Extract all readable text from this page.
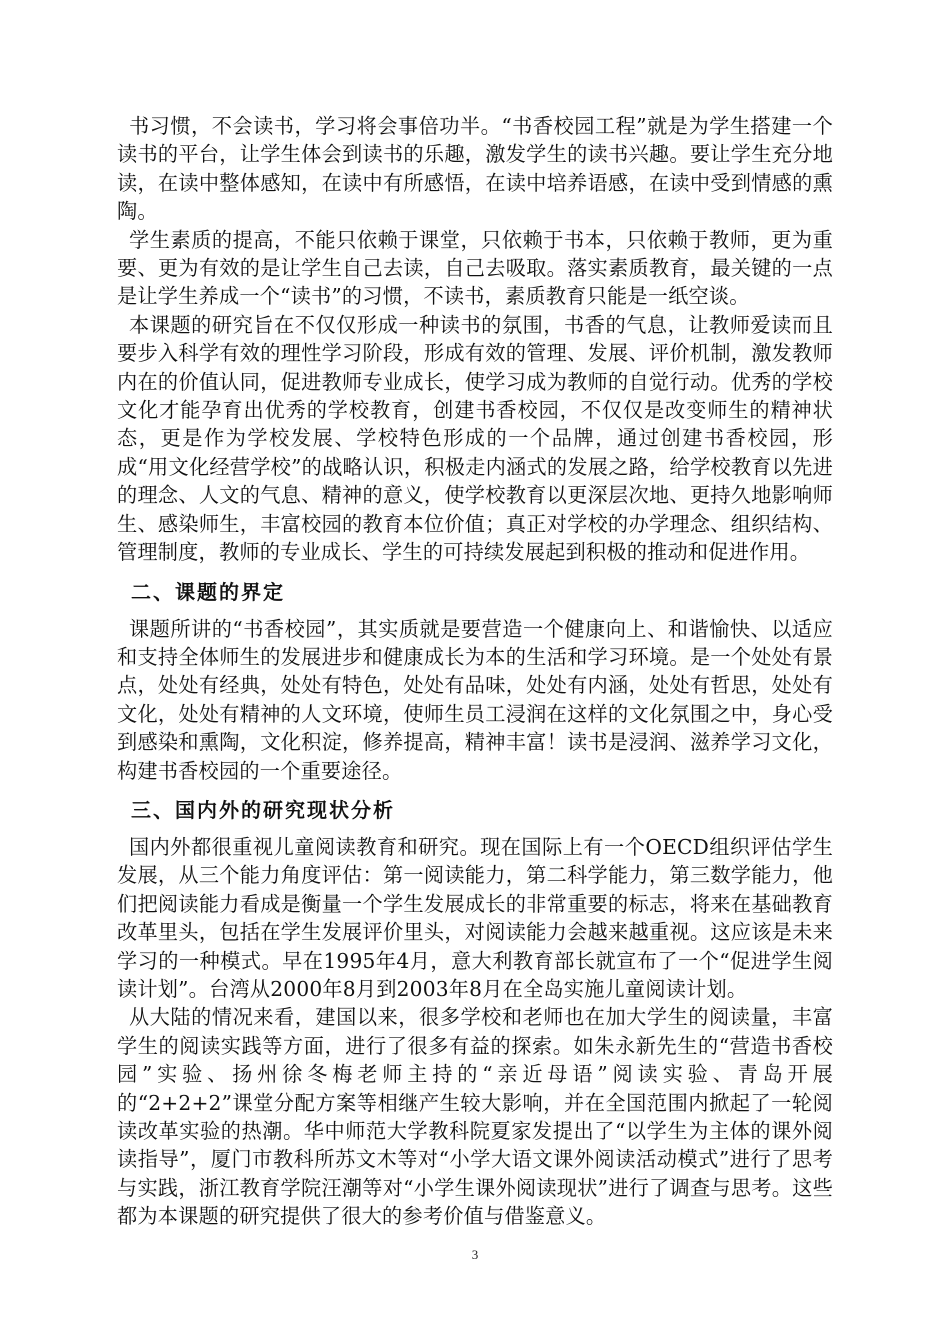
书习惯，不会读书，学习将会事倍功半。“书香校园工程”就是为学生搭建一个读书的平台，让学生体会到读书的乐趣，激发学生的读书兴趣。要让学生充分地读，在读中整体感知，在读中有所感悟，在读中培养语感，在读中受到情感的熏陶。

学生素质的提高，不能只依赖于课堂，只依赖于书本，只依赖于教师，更为重要、更为有效的是让学生自己去读，自己去吸取。落实素质教育，最关键的一点是让学生养成一个“读书”的习惯，不读书，素质教育只能是一纸空谈。

本课题的研究旨在不仅仅形成一种读书的氛围，书香的气息，让教师爱读而且要步入科学有效的理性学习阶段，形成有效的管理、发展、评价机制，激发教师内在的价值认同，促进教师专业成长，使学习成为教师的自觉行动。优秀的学校文化才能孕育出优秀的学校教育，创建书香校园，不仅仅是改变师生的精神状态，更是作为学校发展、学校特色形成的一个品牌，通过创建书香校园，形成“用文化经营学校”的战略认识，积极走内涵式的发展之路，给学校教育以先进的理念、人文的气息、精神的意义，使学校教育以更深层次地、更持久地影响师生、感染师生，丰富校园的教育本位价值；真正对学校的办学理念、组织结构、管理制度，教师的专业成长、学生的可持续发展起到积极的推动和促进作用。

二、课题的界定

课题所讲的“书香校园”，其实质就是要营造一个健康向上、和谐愉快、以适应和支持全体师生的发展进步和健康成长为本的生活和学习环境。是一个处处有景点，处处有经典，处处有特色，处处有品味，处处有内涵，处处有哲思，处处有文化，处处有精神的人文环境，使师生员工浸润在这样的文化氛围之中，身心受到感染和熏陶，文化积淀，修养提高，精神丰富！读书是浸润、滋养学习文化，构建书香校园的一个重要途径。

三、国内外的研究现状分析

国内外都很重视儿童阅读教育和研究。现在国际上有一个OECD组织评估学生发展，从三个能力角度评估：第一阅读能力，第二科学能力，第三数学能力，他们把阅读能力看成是衡量一个学生发展成长的非常重要的标志，将来在基础教育改革里头，包括在学生发展评价里头，对阅读能力会越来越重视。这应该是未来学习的一种模式。早在1995年4月，意大利教育部长就宣布了一个“促进学生阅读计划”。台湾从2000年8月到2003年8月在全岛实施儿童阅读计划。

从大陆的情况来看，建国以来，很多学校和老师也在加大学生的阅读量，丰富学生的阅读实践等方面，进行了很多有益的探索。如朱永新先生的“营造书香校园”实验、扬州徐冬梅老师主持的“亲近母语”阅读实验、青岛开展的“2+2+2”课堂分配方案等相继产生较大影响，并在全国范围内掀起了一轮阅读改革实验的热潮。华中师范大学教科院夏家发提出了“以学生为主体的课外阅读指导”，厦门市教科所苏文木等对“小学大语文课外阅读活动模式”进行了思考与实践，浙江教育学院汪潮等对“小学生课外阅读现状”进行了调查与思考。这些都为本课题的研究提供了很大的参考价值与借鉴意义。

3
